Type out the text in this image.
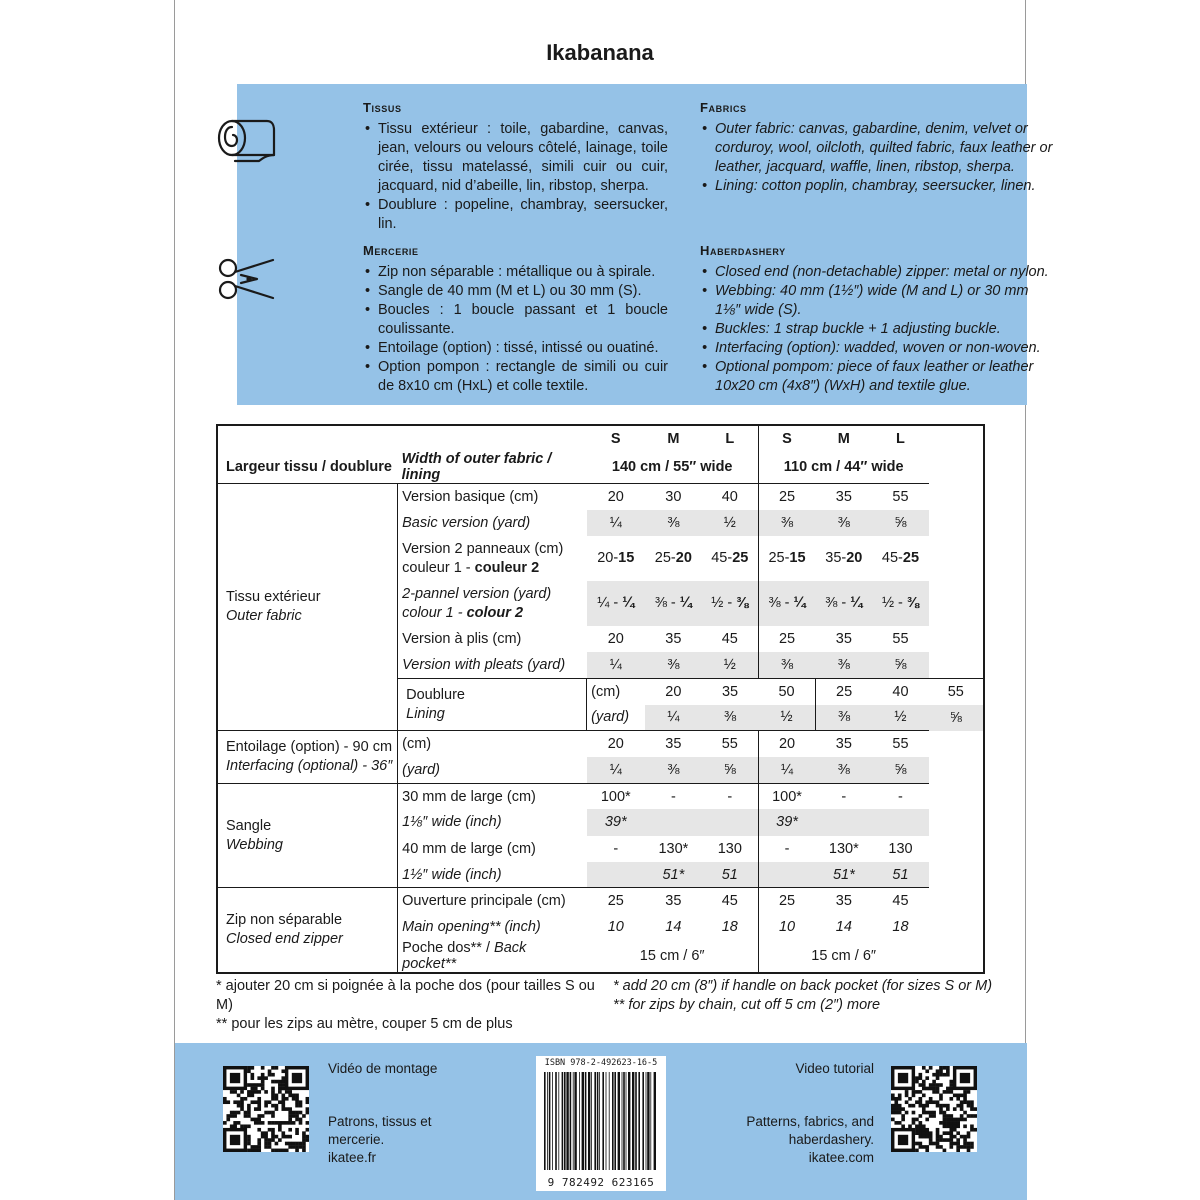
Ikabanana
Tissus
• Tissu extérieur : toile, gabardine, canvas, jean, velours ou velours côtelé, lainage, toile cirée, tissu matelassé, simili cuir ou cuir, jacquard, nid d’abeille, lin, ribstop, sherpa.
• Doublure : popeline, chambray, seersucker, lin.
Fabrics
• Outer fabric: canvas, gabardine, denim, velvet or corduroy, wool, oilcloth, quilted fabric, faux leather or leather, jacquard, waffle, linen, ribstop, sherpa.
• Lining: cotton poplin, chambray, seersucker, linen.
Mercerie
• Zip non séparable : métallique ou à spirale.
• Sangle de 40 mm (M et L) ou 30 mm (S).
• Boucles : 1 boucle passant et 1 boucle coulissante.
• Entoilage (option) : tissé, intissé ou ouatiné.
• Option pompon : rectangle de simili ou cuir de 8x10 cm (HxL) et colle textile.
Haberdashery
• Closed end (non-detachable) zipper: metal or nylon.
• Webbing: 40 mm (1½″) wide (M and L) or 30 mm 1⅛″ wide (S).
• Buckles: 1 strap buckle + 1 adjusting buckle.
• Interfacing (option): wadded, woven or non-woven.
• Optional pompom: piece of faux leather or leather 10x20 cm (4x8″) (WxH) and textile glue.
		S	M	L	S	M	L	
Largeur tissu / doublure	Width of outer fabric / lining	140 cm / 55″ wide			110 cm / 44″ wide			

Tissu extérieur
Outer fabric	Version basique (cm)	20	30	40	25	35	55	
	Basic version (yard)	¼	⅜	½	⅜	⅜	⅝	

	Version 2 panneaux (cm)
couleur 1 - couleur 2	20-15	25-20	45-25	25-15	35-20	45-25	

	2-pannel version (yard)
colour 1 - colour 2	¼ - ¼	⅜ - ¼	½ - ⅜	⅜ - ¼	⅜ - ¼	½ - ⅜	
	Version à plis (cm)	20	35	45	25	35	55	
	Version with pleats (yard)	¼	⅜	½	⅜	⅜	⅝	

	Doublure
Lining	(cm)	20	35	50	25	40	55
		(yard)	¼	⅜	½	⅜	½	⅝

Entoilage (option) - 90 cm
Interfacing (optional) - 36″	(cm)	20	35	55	20	35	55	
	(yard)	¼	⅜	⅝	¼	⅜	⅝	

Sangle
Webbing	30 mm de large (cm)	100*	-	-	100*	-	-	
	1⅛″ wide (inch)	39*			39*			
	40 mm de large (cm)	-	130*	130	-	130*	130	
	1½″ wide (inch)		51*	51		51*	51	

Zip non séparable
Closed end zipper	Ouverture principale (cm)	25	35	45	25	35	45	
	Main opening** (inch)	10	14	18	10	14	18	
	Poche dos** / Back pocket**	15 cm / 6″			15 cm / 6″			
* ajouter 20 cm si poignée à la poche dos (pour tailles S ou M)
** pour les zips au mètre, couper 5 cm de plus
* add 20 cm (8″) if handle on back pocket (for sizes S or M)
** for zips by chain, cut off 5 cm (2″) more
Vidéo de montage
Patrons, tissus et
mercerie.
ikatee.fr
ISBN 978-2-492623-16-5
9 782492 623165
Video tutorial
Patterns, fabrics, and
haberdashery.
ikatee.com
